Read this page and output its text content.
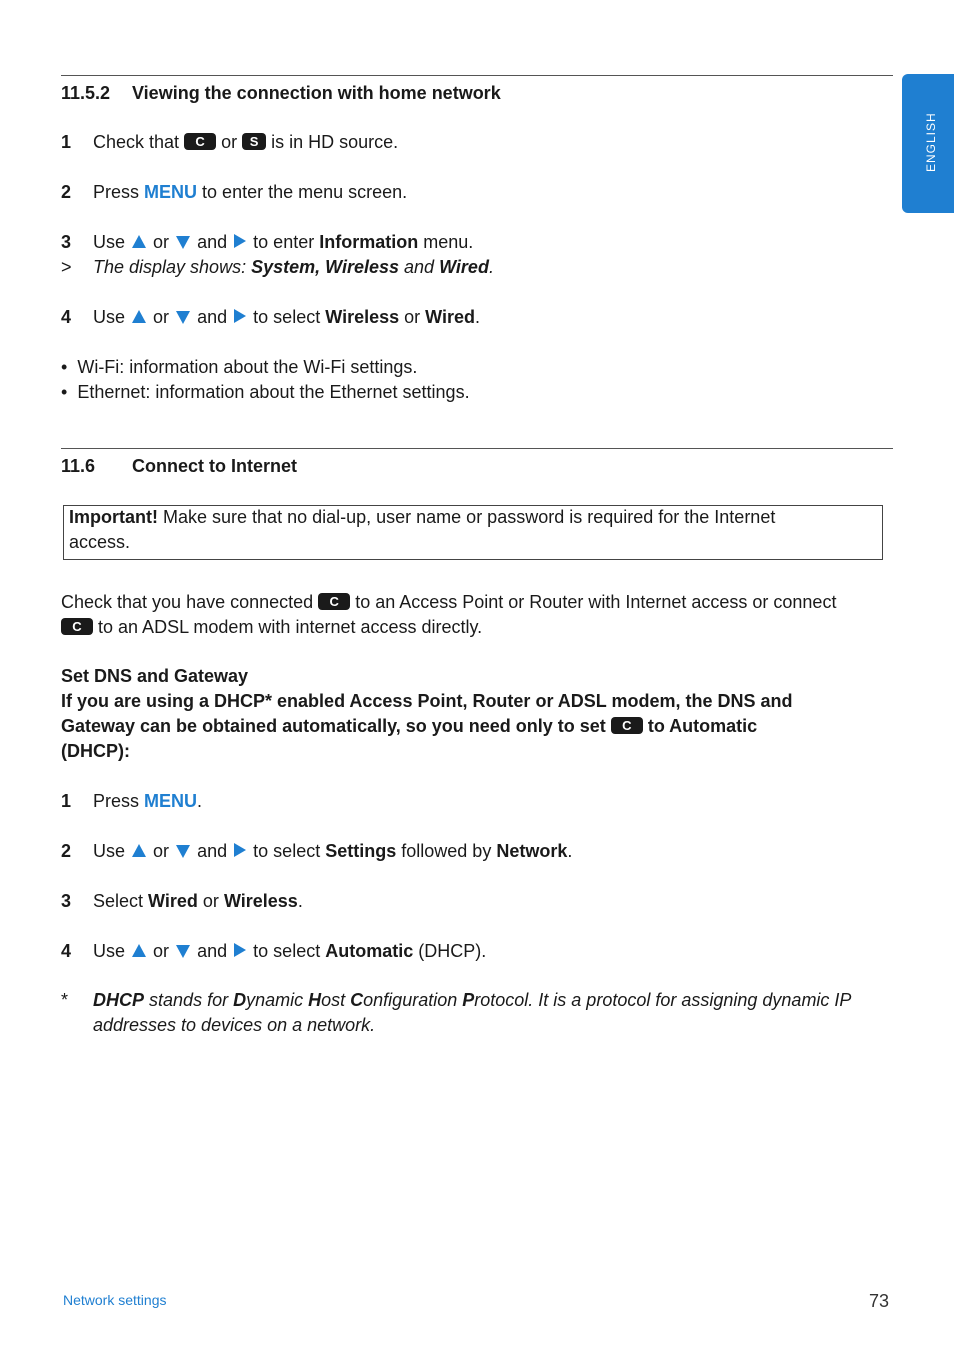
ENGLISH
11.5.2 Viewing the connection with home network
1 Check that C or S is in HD source.
2 Press MENU to enter the menu screen.
3 Use or and to enter Information menu.
> The display shows: System, Wireless and Wired.
4 Use or and to select Wireless or Wired.
• Wi-Fi: information about the Wi-Fi settings.
• Ethernet: information about the Ethernet settings.
11.6 Connect to Internet
Important! Make sure that no dial-up, user name or password is required for the Internet
access.
Check that you have connected C to an Access Point or Router with Internet access or connect
C to an ADSL modem with internet access directly.
Set DNS and Gateway
If you are using a DHCP* enabled Access Point, Router or ADSL modem, the DNS and
Gateway can be obtained automatically, so you need only to set C to Automatic
(DHCP):
1 Press MENU.
2 Use or and to select Settings followed by Network.
3 Select Wired or Wireless.
4 Use or and to select Automatic (DHCP).
* DHCP stands for Dynamic Host Configuration Protocol. It is a protocol for assigning dynamic IP
addresses to devices on a network.
Network settings	73
